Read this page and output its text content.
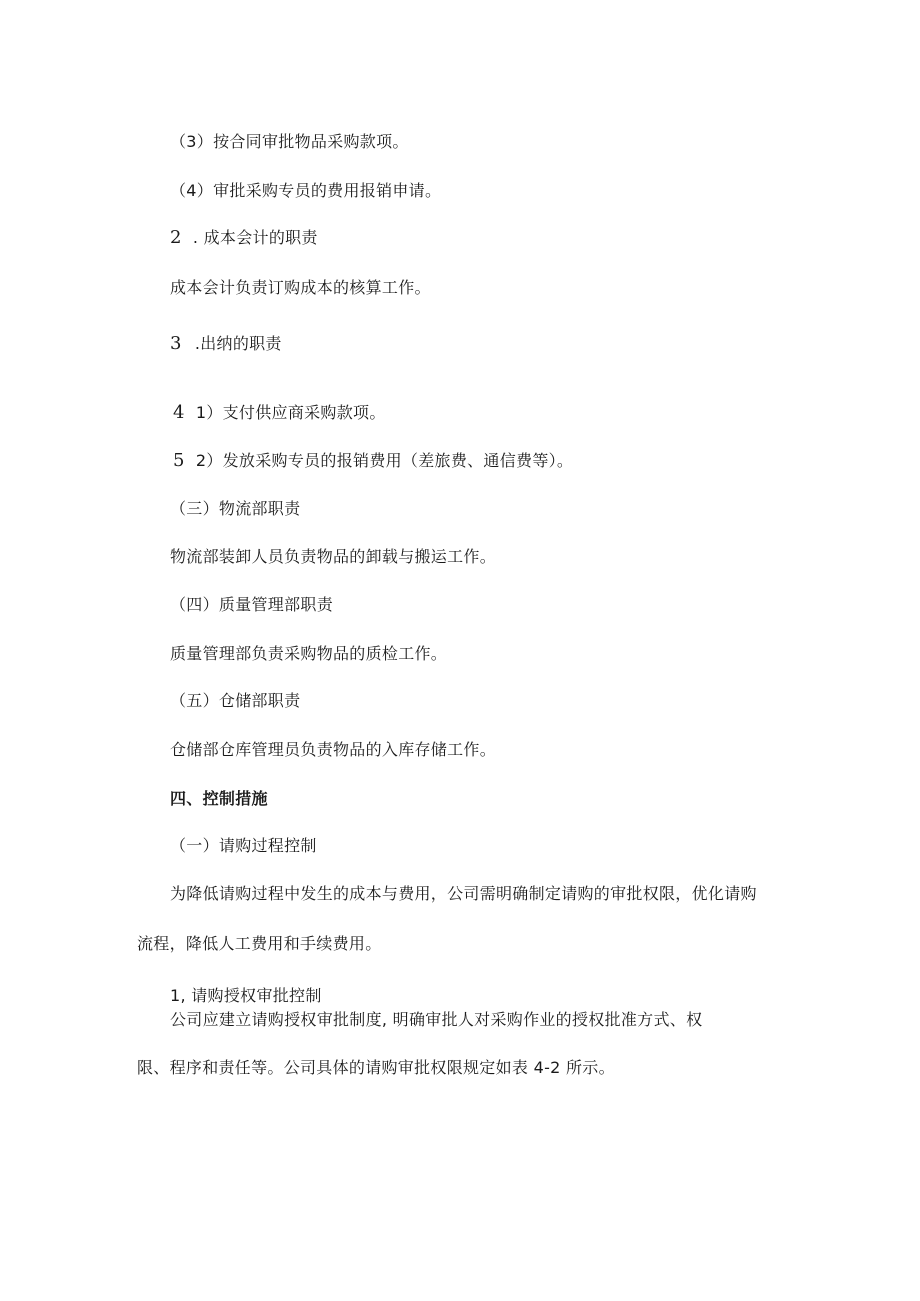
（3）按合同审批物品采购款项。
（4）审批采购专员的费用报销申请。
2 . 成本会计的职责
成本会计负责订购成本的核算工作。
3 .出纳的职责
4 1）支付供应商采购款项。
5 2）发放采购专员的报销费用（差旅费、通信费等）。
（三）物流部职责
物流部装卸人员负责物品的卸载与搬运工作。
（四）质量管理部职责
质量管理部负责采购物品的质检工作。
（五）仓储部职责
仓储部仓库管理员负责物品的入库存储工作。
四、控制措施
（一）请购过程控制
为降低请购过程中发生的成本与费用，公司需明确制定请购的审批权限，优化请购
流程，降低人工费用和手续费用。
1, 请购授权审批控制
公司应建立请购授权审批制度, 明确审批人对采购作业的授权批准方式、权
限、程序和责任等。公司具体的请购审批权限规定如表 4-2 所示。
